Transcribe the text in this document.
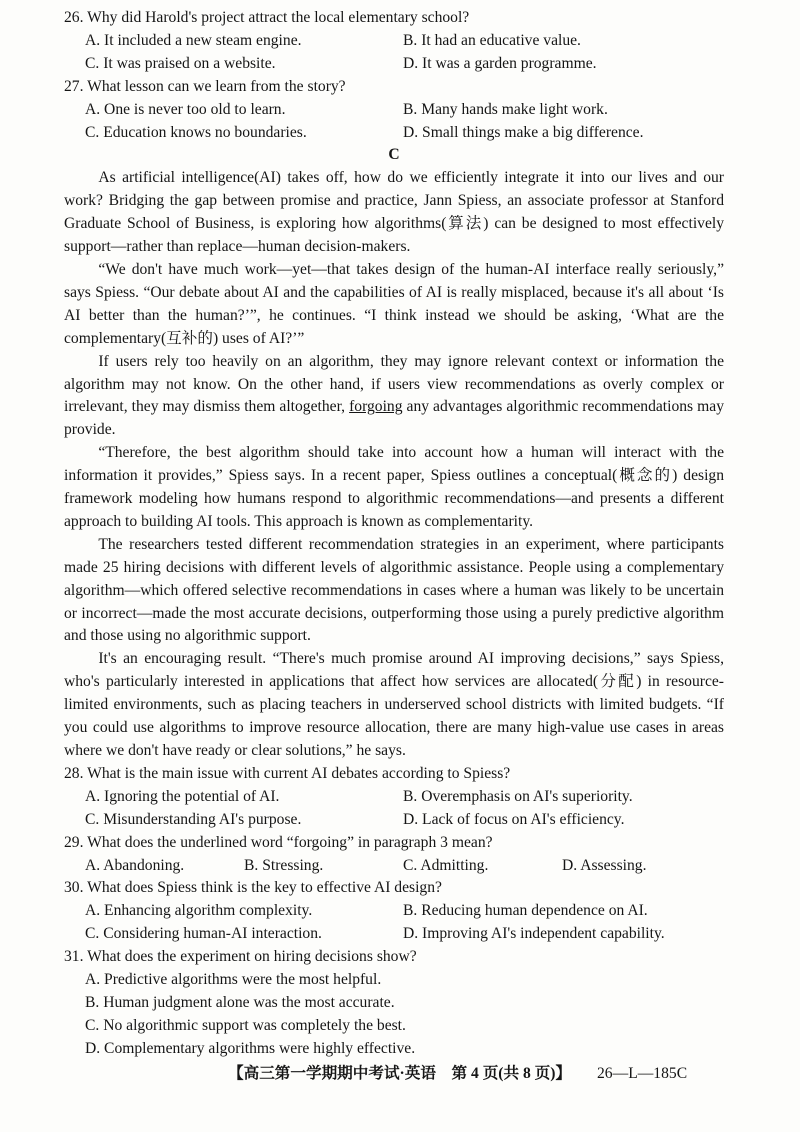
26. Why did Harold's project attract the local elementary school?
A. It included a new steam engine.	B. It had an educative value.
C. It was praised on a website.	D. It was a garden programme.
27. What lesson can we learn from the story?
A. One is never too old to learn.	B. Many hands make light work.
C. Education knows no boundaries.	D. Small things make a big difference.
C

As artificial intelligence(AI) takes off, how do we efficiently integrate it into our lives and our work? Bridging the gap between promise and practice, Jann Spiess, an associate professor at Stanford Graduate School of Business, is exploring how algorithms(算法) can be designed to most effectively support—rather than replace—human decision-makers.

“We don't have much work—yet—that takes design of the human-AI interface really seriously,” says Spiess. “Our debate about AI and the capabilities of AI is really misplaced, because it's all about ‘Is AI better than the human?’”, he continues. “I think instead we should be asking, ‘What are the complementary(互补的) uses of AI?’”

If users rely too heavily on an algorithm, they may ignore relevant context or information the algorithm may not know. On the other hand, if users view recommendations as overly complex or irrelevant, they may dismiss them altogether, forgoing any advantages algorithmic recommendations may provide.

“Therefore, the best algorithm should take into account how a human will interact with the information it provides,” Spiess says. In a recent paper, Spiess outlines a conceptual(概念的) design framework modeling how humans respond to algorithmic recommendations—and presents a different approach to building AI tools. This approach is known as complementarity.

The researchers tested different recommendation strategies in an experiment, where participants made 25 hiring decisions with different levels of algorithmic assistance. People using a complementary algorithm—which offered selective recommendations in cases where a human was likely to be uncertain or incorrect—made the most accurate decisions, outperforming those using a purely predictive algorithm and those using no algorithmic support.

It's an encouraging result. “There's much promise around AI improving decisions,” says Spiess, who's particularly interested in applications that affect how services are allocated(分配) in resource-limited environments, such as placing teachers in underserved school districts with limited budgets. “If you could use algorithms to improve resource allocation, there are many high-value use cases in areas where we don't have ready or clear solutions,” he says.

28. What is the main issue with current AI debates according to Spiess?
A. Ignoring the potential of AI.	B. Overemphasis on AI's superiority.
C. Misunderstanding AI's purpose.	D. Lack of focus on AI's efficiency.
29. What does the underlined word “forgoing” in paragraph 3 mean?
A. Abandoning.	B. Stressing.	C. Admitting.	D. Assessing.
30. What does Spiess think is the key to effective AI design?
A. Enhancing algorithm complexity.	B. Reducing human dependence on AI.
C. Considering human-AI interaction.	D. Improving AI's independent capability.
31. What does the experiment on hiring decisions show?
A. Predictive algorithms were the most helpful.
B. Human judgment alone was the most accurate.
C. No algorithmic support was completely the best.
D. Complementary algorithms were highly effective.
【高三第一学期期中考试·英语　第 4 页(共 8 页)】 26—L—185C
